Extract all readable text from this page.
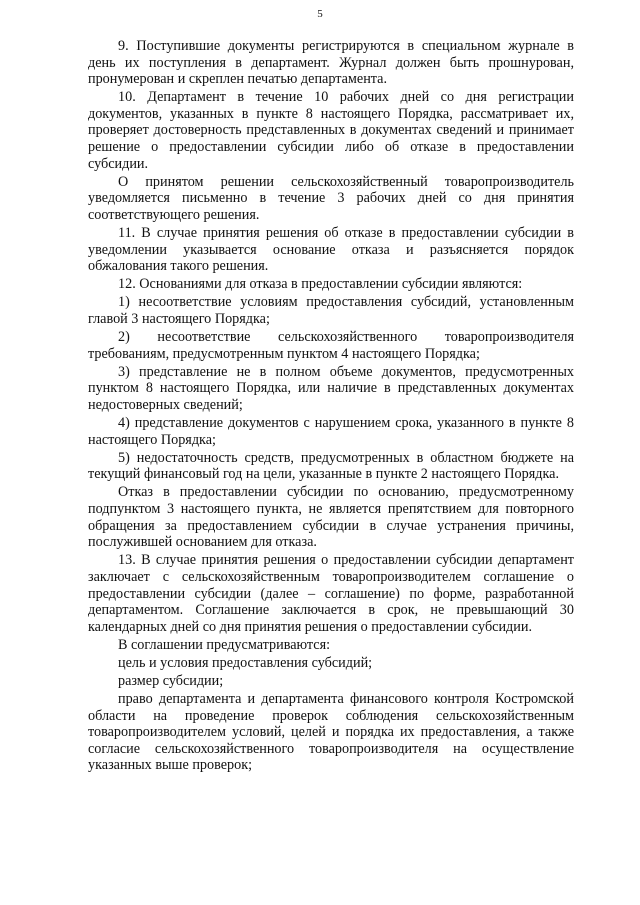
5

9. Поступившие документы регистрируются в специальном журнале в день их поступления в департамент. Журнал должен быть прошнурован, пронумерован и скреплен печатью департамента.

10. Департамент в течение 10 рабочих дней со дня регистрации документов, указанных в пункте 8 настоящего Порядка, рассматривает их, проверяет достоверность представленных в документах сведений и принимает решение о предоставлении субсидии либо об отказе в предоставлении субсидии.

О принятом решении сельскохозяйственный товаропроизводитель уведомляется письменно в течение 3 рабочих дней со дня принятия соответствующего решения.

11. В случае принятия решения об отказе в предоставлении субсидии в уведомлении указывается основание отказа и разъясняется порядок обжалования такого решения.

12. Основаниями для отказа в предоставлении субсидии являются:

1) несоответствие условиям предоставления субсидий, установленным главой 3 настоящего Порядка;

2) несоответствие сельскохозяйственного товаропроизводителя требованиям, предусмотренным пунктом 4 настоящего Порядка;

3) представление не в полном объеме документов, предусмотренных пунктом 8 настоящего Порядка, или наличие в представленных документах недостоверных сведений;

4) представление документов с нарушением срока, указанного в пункте 8 настоящего Порядка;

5) недостаточность средств, предусмотренных в областном бюджете на текущий финансовый год на цели, указанные в пункте 2 настоящего Порядка.

Отказ в предоставлении субсидии по основанию, предусмотренному подпунктом 3 настоящего пункта, не является препятствием для повторного обращения за предоставлением субсидии в случае устранения причины, послужившей основанием для отказа.

13. В случае принятия решения о предоставлении субсидии департамент заключает с сельскохозяйственным товаропроизводителем соглашение о предоставлении субсидии (далее – соглашение) по форме, разработанной департаментом. Соглашение заключается в срок, не превышающий 30 календарных дней со дня принятия решения о предоставлении субсидии.

В соглашении предусматриваются:

цель и условия предоставления субсидий;

размер субсидии;

право департамента и департамента финансового контроля Костромской области на проведение проверок соблюдения сельскохозяйственным товаропроизводителем условий, целей и порядка их предоставления, а также согласие сельскохозяйственного товаропроизводителя на осуществление указанных выше проверок;
